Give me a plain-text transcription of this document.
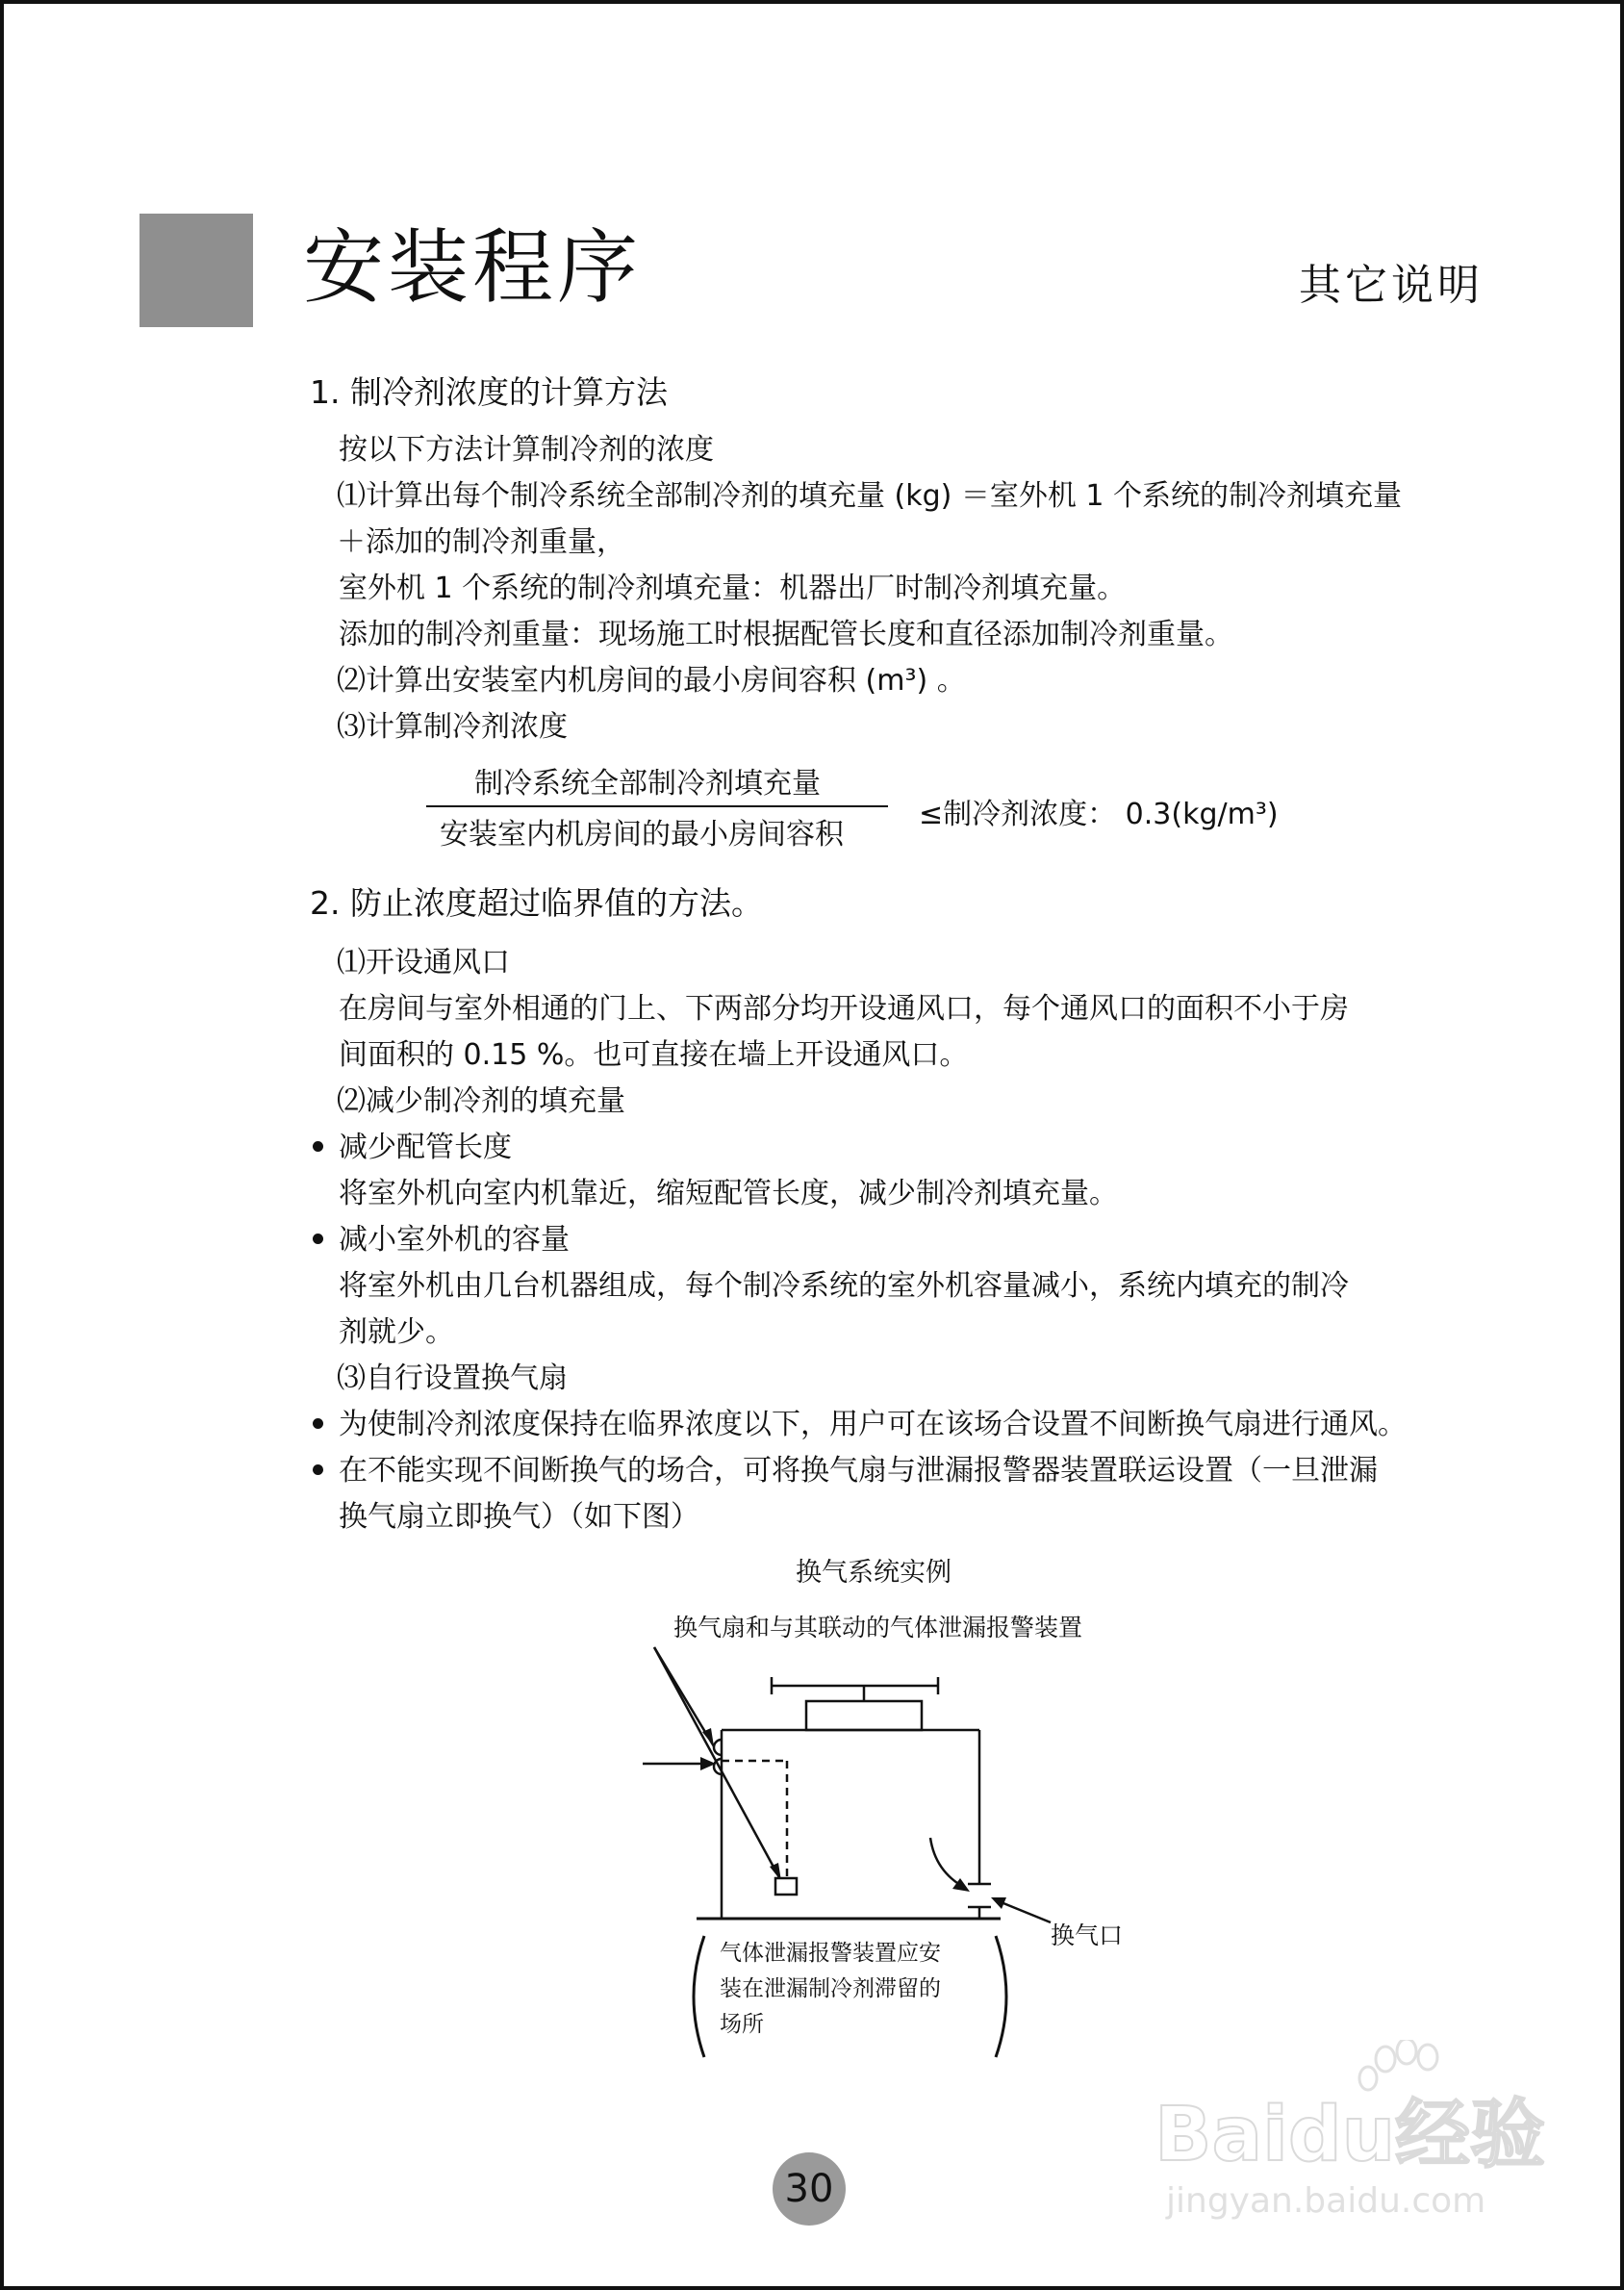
安装程序	其它说明
1. 制冷剂浓度的计算方法
按以下方法计算制冷剂的浓度
⑴计算出每个制冷系统全部制冷剂的填充量 (kg) ＝室外机 1 个系统的制冷剂填充量
＋添加的制冷剂重量，
室外机 1 个系统的制冷剂填充量：机器出厂时制冷剂填充量。
添加的制冷剂重量：现场施工时根据配管长度和直径添加制冷剂重量。
⑵计算出安装室内机房间的最小房间容积 (m³) 。
⑶计算制冷剂浓度
制冷系统全部制冷剂填充量
安装室内机房间的最小房间容积
≤制冷剂浓度： 0.3(kg/m³)
2. 防止浓度超过临界值的方法。
⑴开设通风口
在房间与室外相通的门上、下两部分均开设通风口，每个通风口的面积不小于房
间面积的 0.15 %。也可直接在墙上开设通风口。
⑵减少制冷剂的填充量
减少配管长度
将室外机向室内机靠近，缩短配管长度，减少制冷剂填充量。
减小室外机的容量
将室外机由几台机器组成，每个制冷系统的室外机容量减小，系统内填充的制冷
剂就少。
⑶自行设置换气扇
为使制冷剂浓度保持在临界浓度以下，用户可在该场合设置不间断换气扇进行通风。
在不能实现不间断换气的场合，可将换气扇与泄漏报警器装置联运设置（一旦泄漏
换气扇立即换气）（如下图）
换气系统实例
换气扇和与其联动的气体泄漏报警装置
换气口
气体泄漏报警装置应安
装在泄漏制冷剂滞留的
场所
30
Baidu经验
jingyan.baidu.com
